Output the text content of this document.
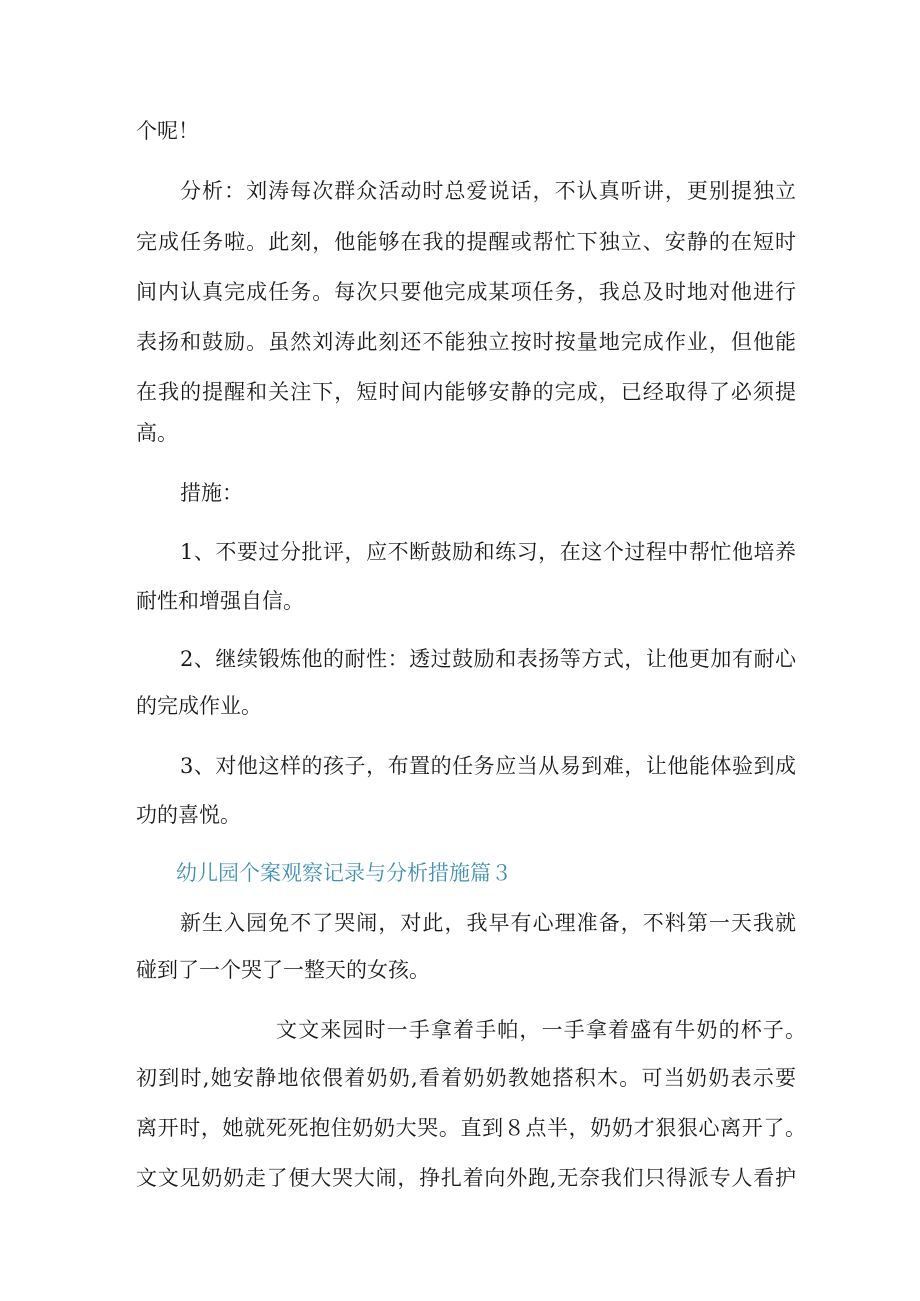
个呢！
分析：刘涛每次群众活动时总爱说话，不认真听讲，更别提独立
完成任务啦。此刻，他能够在我的提醒或帮忙下独立、安静的在短时
间内认真完成任务。每次只要他完成某项任务，我总及时地对他进行
表扬和鼓励。虽然刘涛此刻还不能独立按时按量地完成作业，但他能
在我的提醒和关注下，短时间内能够安静的完成，已经取得了必须提
高。
措施：
1、不要过分批评，应不断鼓励和练习，在这个过程中帮忙他培养
耐性和增强自信。
2、继续锻炼他的耐性：透过鼓励和表扬等方式，让他更加有耐心
的完成作业。
3、对他这样的孩子，布置的任务应当从易到难，让他能体验到成
功的喜悦。
幼儿园个案观察记录与分析措施篇３
新生入园免不了哭闹，对此，我早有心理准备，不料第一天我就
碰到了一个哭了一整天的女孩。
文文来园时一手拿着手帕，一手拿着盛有牛奶的杯子。
初到时,她安静地依偎着奶奶,看着奶奶教她搭积木。可当奶奶表示要
离开时，她就死死抱住奶奶大哭。直到８点半，奶奶才狠狠心离开了。
文文见奶奶走了便大哭大闹，挣扎着向外跑,无奈我们只得派专人看护
